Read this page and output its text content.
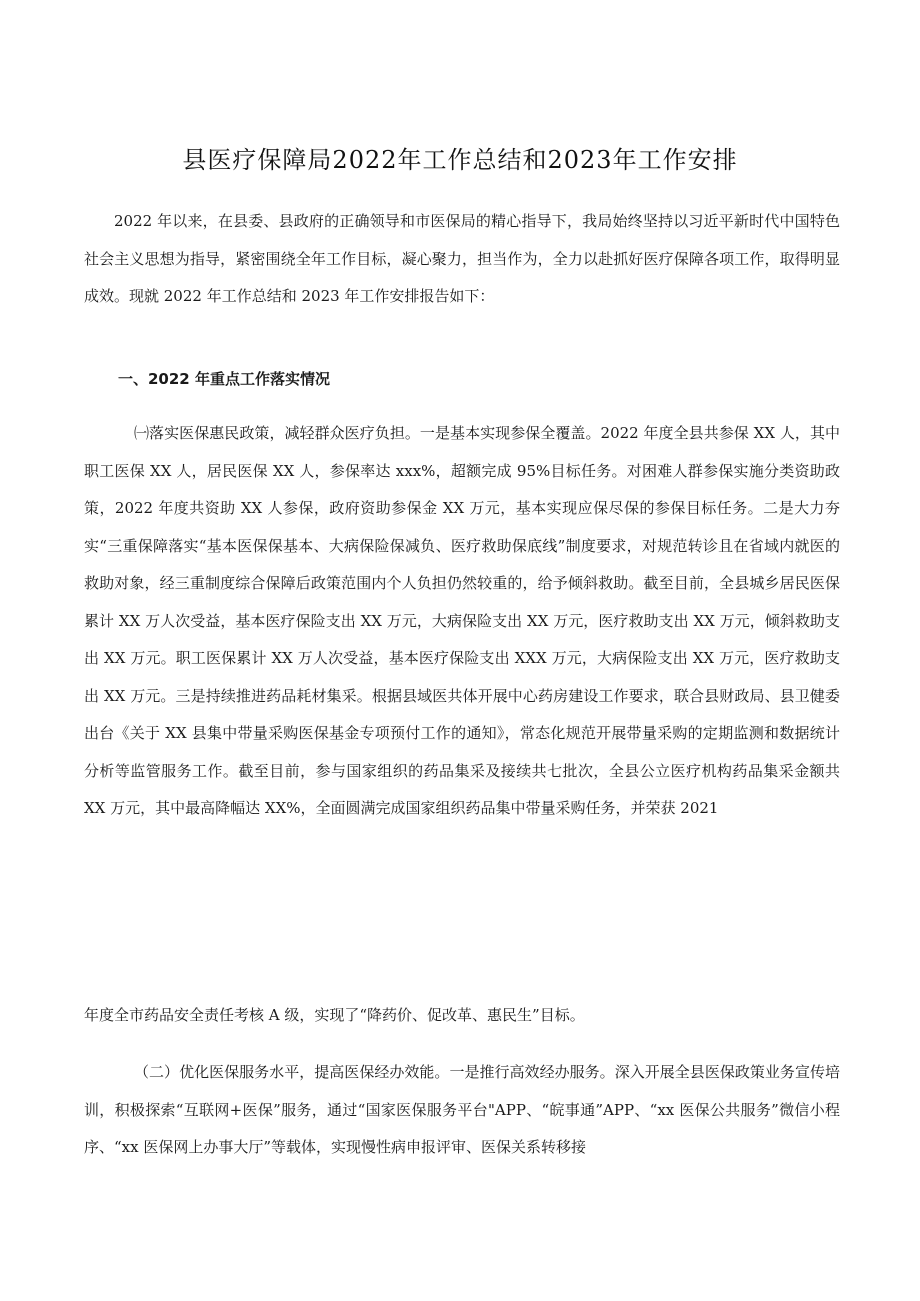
县医疗保障局2022年工作总结和2023年工作安排

2022 年以来，在县委、县政府的正确领导和市医保局的精心指导下，我局始终坚持以习近平新时代中国特色社会主义思想为指导，紧密围绕全年工作目标，凝心聚力，担当作为，全力以赴抓好医疗保障各项工作，取得明显成效。现就 2022 年工作总结和 2023 年工作安排报告如下：

一、2022 年重点工作落实情况

㈠落实医保惠民政策，减轻群众医疗负担。一是基本实现参保全覆盖。2022 年度全县共参保 XX 人，其中职工医保 XX 人，居民医保 XX 人，参保率达 xxx%，超额完成 95%目标任务。对困难人群参保实施分类资助政策，2022 年度共资助 XX 人参保，政府资助参保金 XX 万元，基本实现应保尽保的参保目标任务。二是大力夯实“三重保障落实“基本医保保基本、大病保险保减负、医疗救助保底线”制度要求，对规范转诊且在省域内就医的救助对象，经三重制度综合保障后政策范围内个人负担仍然较重的，给予倾斜救助。截至目前，全县城乡居民医保累计 XX 万人次受益，基本医疗保险支出 XX 万元，大病保险支出 XX 万元，医疗救助支出 XX 万元，倾斜救助支出 XX 万元。职工医保累计 XX 万人次受益，基本医疗保险支出 XXX 万元，大病保险支出 XX 万元，医疗救助支出 XX 万元。三是持续推进药品耗材集采。根据县域医共体开展中心药房建设工作要求，联合县财政局、县卫健委出台《关于 XX 县集中带量采购医保基金专项预付工作的通知》，常态化规范开展带量采购的定期监测和数据统计分析等监管服务工作。截至目前，参与国家组织的药品集采及接续共七批次，全县公立医疗机构药品集采金额共 XX 万元，其中最高降幅达 XX%，全面圆满完成国家组织药品集中带量采购任务，并荣获 2021

年度全市药品安全责任考核 A 级，实现了“降药价、促改革、惠民生”目标。

（二）优化医保服务水平，提高医保经办效能。一是推行高效经办服务。深入开展全县医保政策业务宣传培训，积极探索“互联网+医保”服务，通过“国家医保服务平台"APP、“皖事通”APP、“xx 医保公共服务”微信小程序、“xx 医保网上办事大厅”等载体，实现慢性病申报评审、医保关系转移接
